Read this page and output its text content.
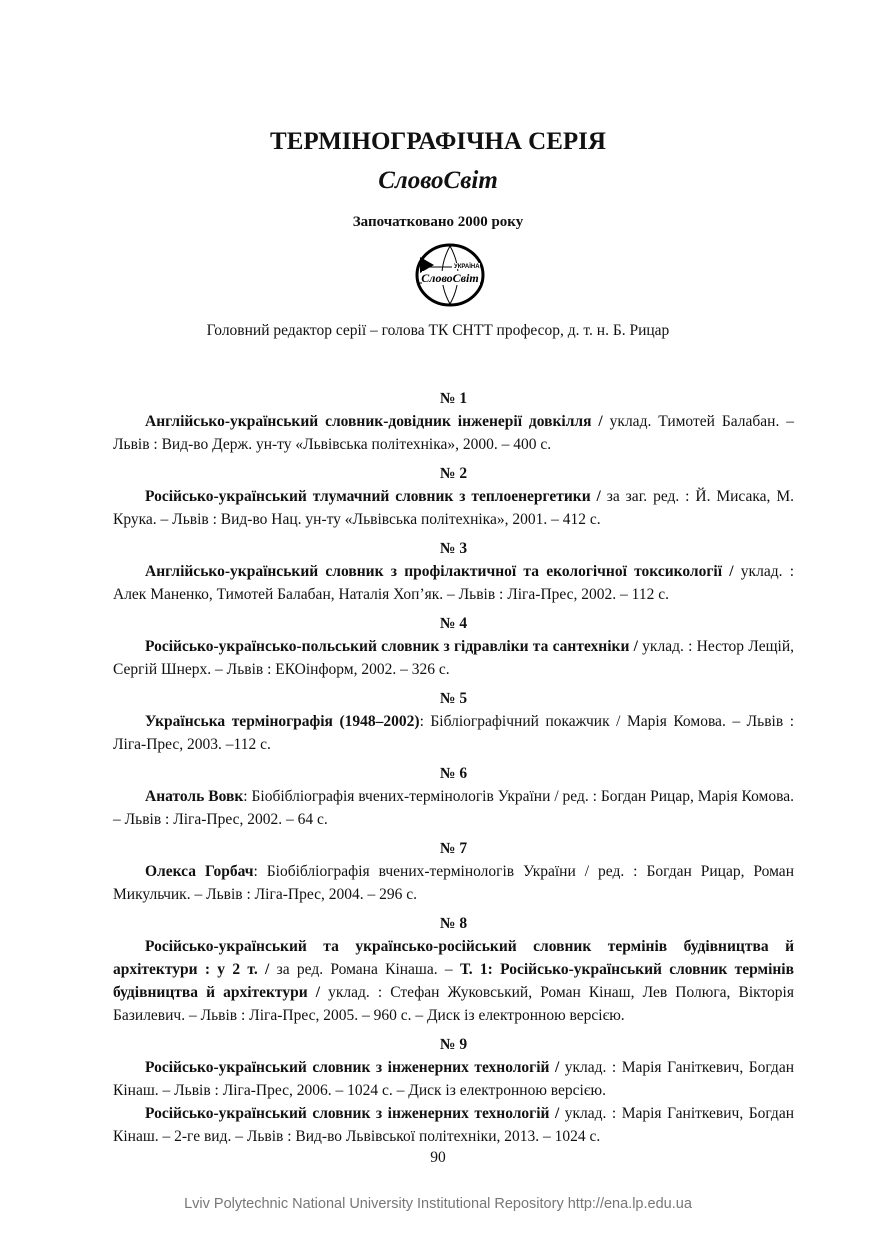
ТЕРМІНОГРАФІЧНА СЕРІЯ
СловоСвіт
Започатковано 2000 року
УКРАЇНА
СловоСвіт
Головний редактор серії – голова ТК СНТТ професор, д. т. н. Б. Рицар
№ 1

Англійсько-український словник-довідник інженерії довкілля / уклад. Тимотей Балабан. – Львів : Вид-во Держ. ун-ту «Львівська політехніка», 2000. – 400 с.

№ 2

Російсько-український тлумачний словник з теплоенергетики / за заг. ред. : Й. Мисака, М. Крука. – Львів : Вид-во Нац. ун-ту «Львівська політехніка», 2001. – 412 с.

№ 3

Англійсько-український словник з профілактичної та екологічної токсикології / уклад. : Алек Маненко, Тимотей Балабан, Наталія Хоп’як. – Львів : Ліга-Прес, 2002. – 112 с.

№ 4

Російсько-українсько-польський словник з гідравліки та сантехніки / уклад. : Нестор Лещій, Сергій Шнерх. – Львів : ЕКОінформ, 2002. – 326 с.

№ 5

Українська термінографія (1948–2002): Бібліографічний покажчик / Марія Комова. – Львів : Ліга-Прес, 2003. –112 с.

№ 6

Анатоль Вовк: Біобібліографія вчених-термінологів України / ред. : Богдан Рицар, Марія Комова. – Львів : Ліга-Прес, 2002. – 64 с.

№ 7

Олекса Горбач: Біобібліографія вчених-термінологів України / ред. : Богдан Рицар, Роман Микульчик. – Львів : Ліга-Прес, 2004. – 296 с.

№ 8

Російсько-український та українсько-російський словник термінів будівництва й архітектури : у 2 т. / за ред. Романа Кінаша. – Т. 1: Російсько-український словник термінів будівництва й архітектури / уклад. : Стефан Жуковський, Роман Кінаш, Лев Полюга, Вікторія Базилевич. – Львів : Ліга-Прес, 2005. – 960 с. – Диск із електронною версією.

№ 9

Російсько-український словник з інженерних технологій / уклад. : Марія Ганіткевич, Богдан Кінаш. – Львів : Ліга-Прес, 2006. – 1024 с. – Диск із електронною версією.

Російсько-український словник з інженерних технологій / уклад. : Марія Ганіткевич, Богдан Кінаш. – 2-ге вид. – Львів : Вид-во Львівської політехніки, 2013. – 1024 с.

90
Lviv Polytechnic National University Institutional Repository http://ena.lp.edu.ua
